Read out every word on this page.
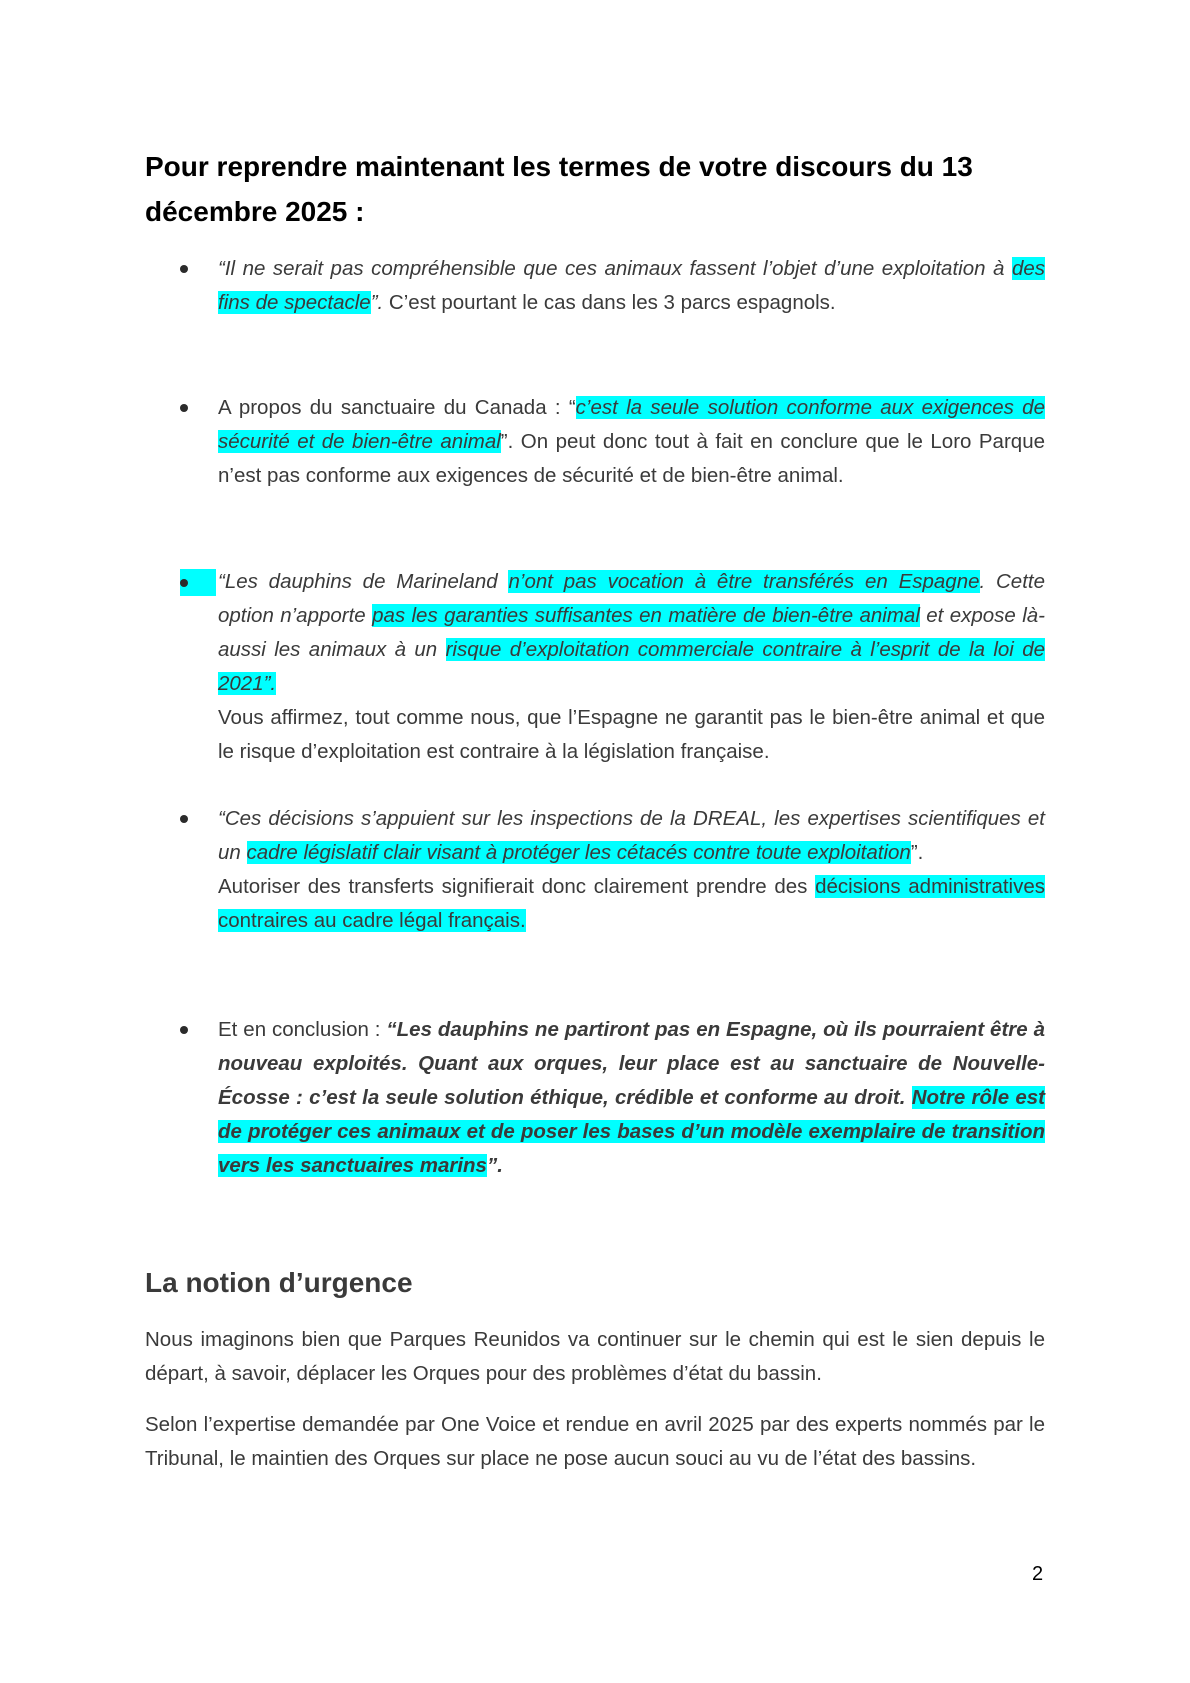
Pour reprendre maintenant les termes de votre discours du 13 décembre 2025 :

“Il ne serait pas compréhensible que ces animaux fassent l’objet d’une exploitation à des fins de spectacle”. C’est pourtant le cas dans les 3 parcs espagnols.

A propos du sanctuaire du Canada : “c’est la seule solution conforme aux exigences de sécurité et de bien-être animal”. On peut donc tout à fait en conclure que le Loro Parque n’est pas conforme aux exigences de sécurité et de bien-être animal.

“Les dauphins de Marineland n’ont pas vocation à être transférés en Espagne. Cette option n’apporte pas les garanties suffisantes en matière de bien-être animal et expose là-aussi les animaux à un risque d’exploitation commerciale contraire à l’esprit de la loi de 2021”.
Vous affirmez, tout comme nous, que l’Espagne ne garantit pas le bien-être animal et que le risque d’exploitation est contraire à la législation française.

“Ces décisions s’appuient sur les inspections de la DREAL, les expertises scientifiques et un cadre législatif clair visant à protéger les cétacés contre toute exploitation”.
Autoriser des transferts signifierait donc clairement prendre des décisions administratives contraires au cadre légal français.

Et en conclusion : “Les dauphins ne partiront pas en Espagne, où ils pourraient être à nouveau exploités. Quant aux orques, leur place est au sanctuaire de Nouvelle-Écosse : c’est la seule solution éthique, crédible et conforme au droit. Notre rôle est de protéger ces animaux et de poser les bases d’un modèle exemplaire de transition vers les sanctuaires marins”.

La notion d’urgence

Nous imaginons bien que Parques Reunidos va continuer sur le chemin qui est le sien depuis le départ, à savoir, déplacer les Orques pour des problèmes d’état du bassin.

Selon l’expertise demandée par One Voice et rendue en avril 2025 par des experts nommés par le Tribunal, le maintien des Orques sur place ne pose aucun souci au vu de l’état des bassins.

2
